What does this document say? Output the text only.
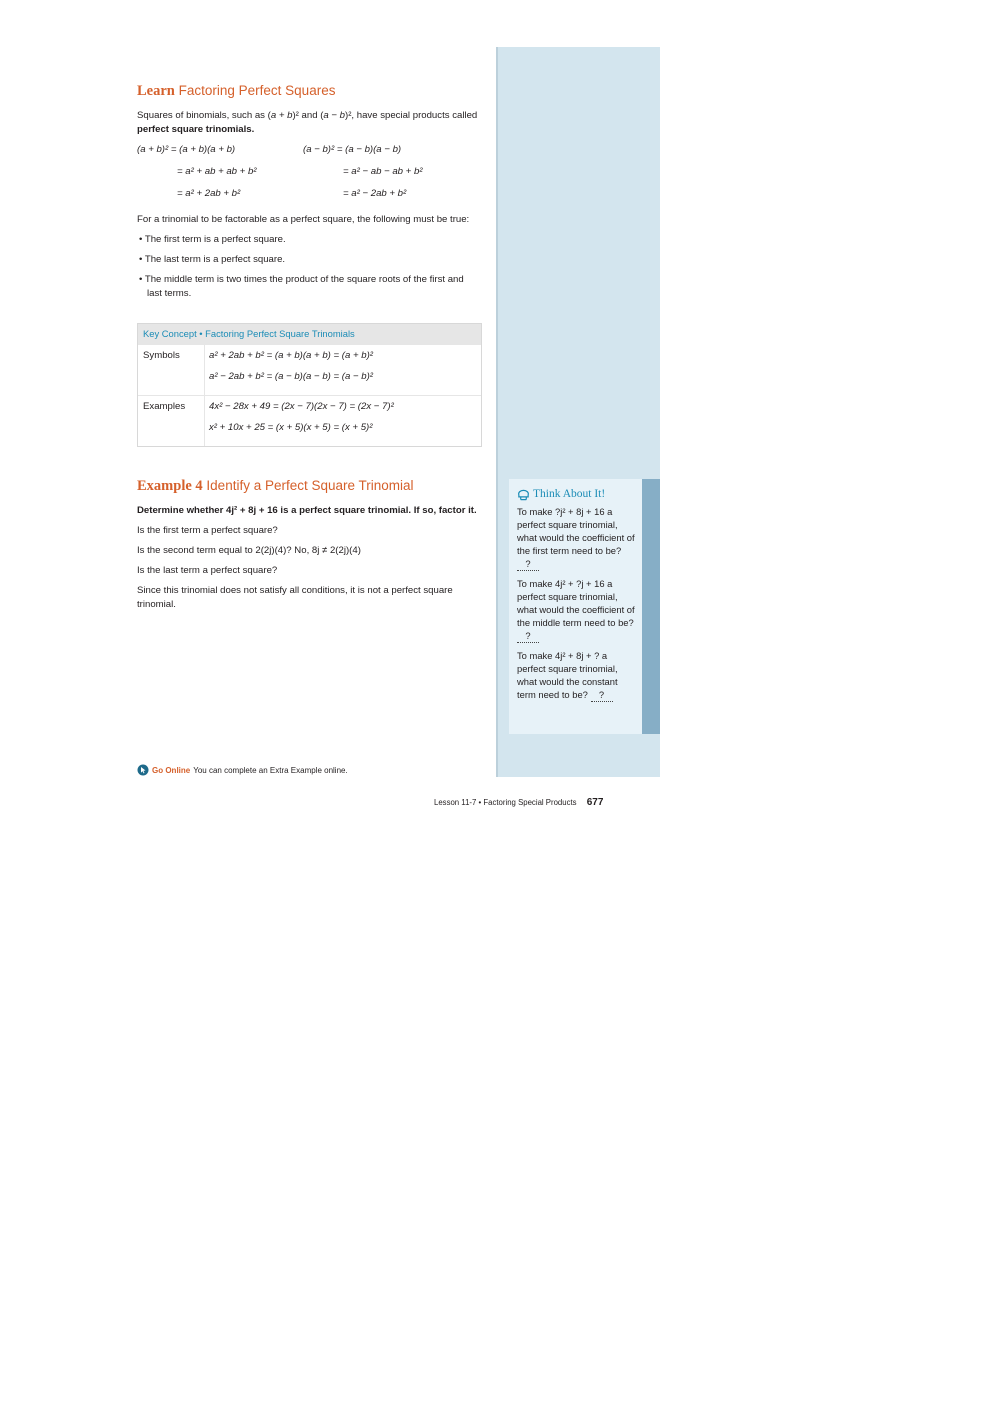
Learn Factoring Perfect Squares

Squares of binomials, such as (a + b)² and (a − b)², have special products called perfect square trinomials.

(a + b)² = (a + b)(a + b)	(a − b)² = (a − b)(a − b)
= a² + ab + ab + b²	= a² − ab − ab + b²
= a² + 2ab + b²	= a² − 2ab + b²

For a trinomial to be factorable as a perfect square, the following must be true:

• The first term is a perfect square.

• The last term is a perfect square.

• The middle term is two times the product of the square roots of the first and last terms.

Key Concept • Factoring Perfect Square Trinomials
Symbols	a² + 2ab + b² = (a + b)(a + b) = (a + b)²
a² − 2ab + b² = (a − b)(a − b) = (a − b)²
Examples	4x² − 28x + 49 = (2x − 7)(2x − 7) = (2x − 7)²
x² + 10x + 25 = (x + 5)(x + 5) = (x + 5)²
Example 4 Identify a Perfect Square Trinomial

Determine whether 4j² + 8j + 16 is a perfect square trinomial. If so, factor it.

Is the first term a perfect square?

Is the second term equal to 2(2j)(4)? No, 8j ≠ 2(2j)(4)

Is the last term a perfect square?

Since this trinomial does not satisfy all conditions, it is not a perfect square trinomial.

Think About It!

To make ?j² + 8j + 16 a perfect square trinomial, what would the coefficient of the first term need to be? ?

To make 4j² + ?j + 16 a perfect square trinomial, what would the coefficient of the middle term need to be? ?

To make 4j² + 8j + ? a perfect square trinomial, what would the constant term need to be? ?

Go Online You can complete an Extra Example online.
Lesson 11-7 • Factoring Special Products 677
